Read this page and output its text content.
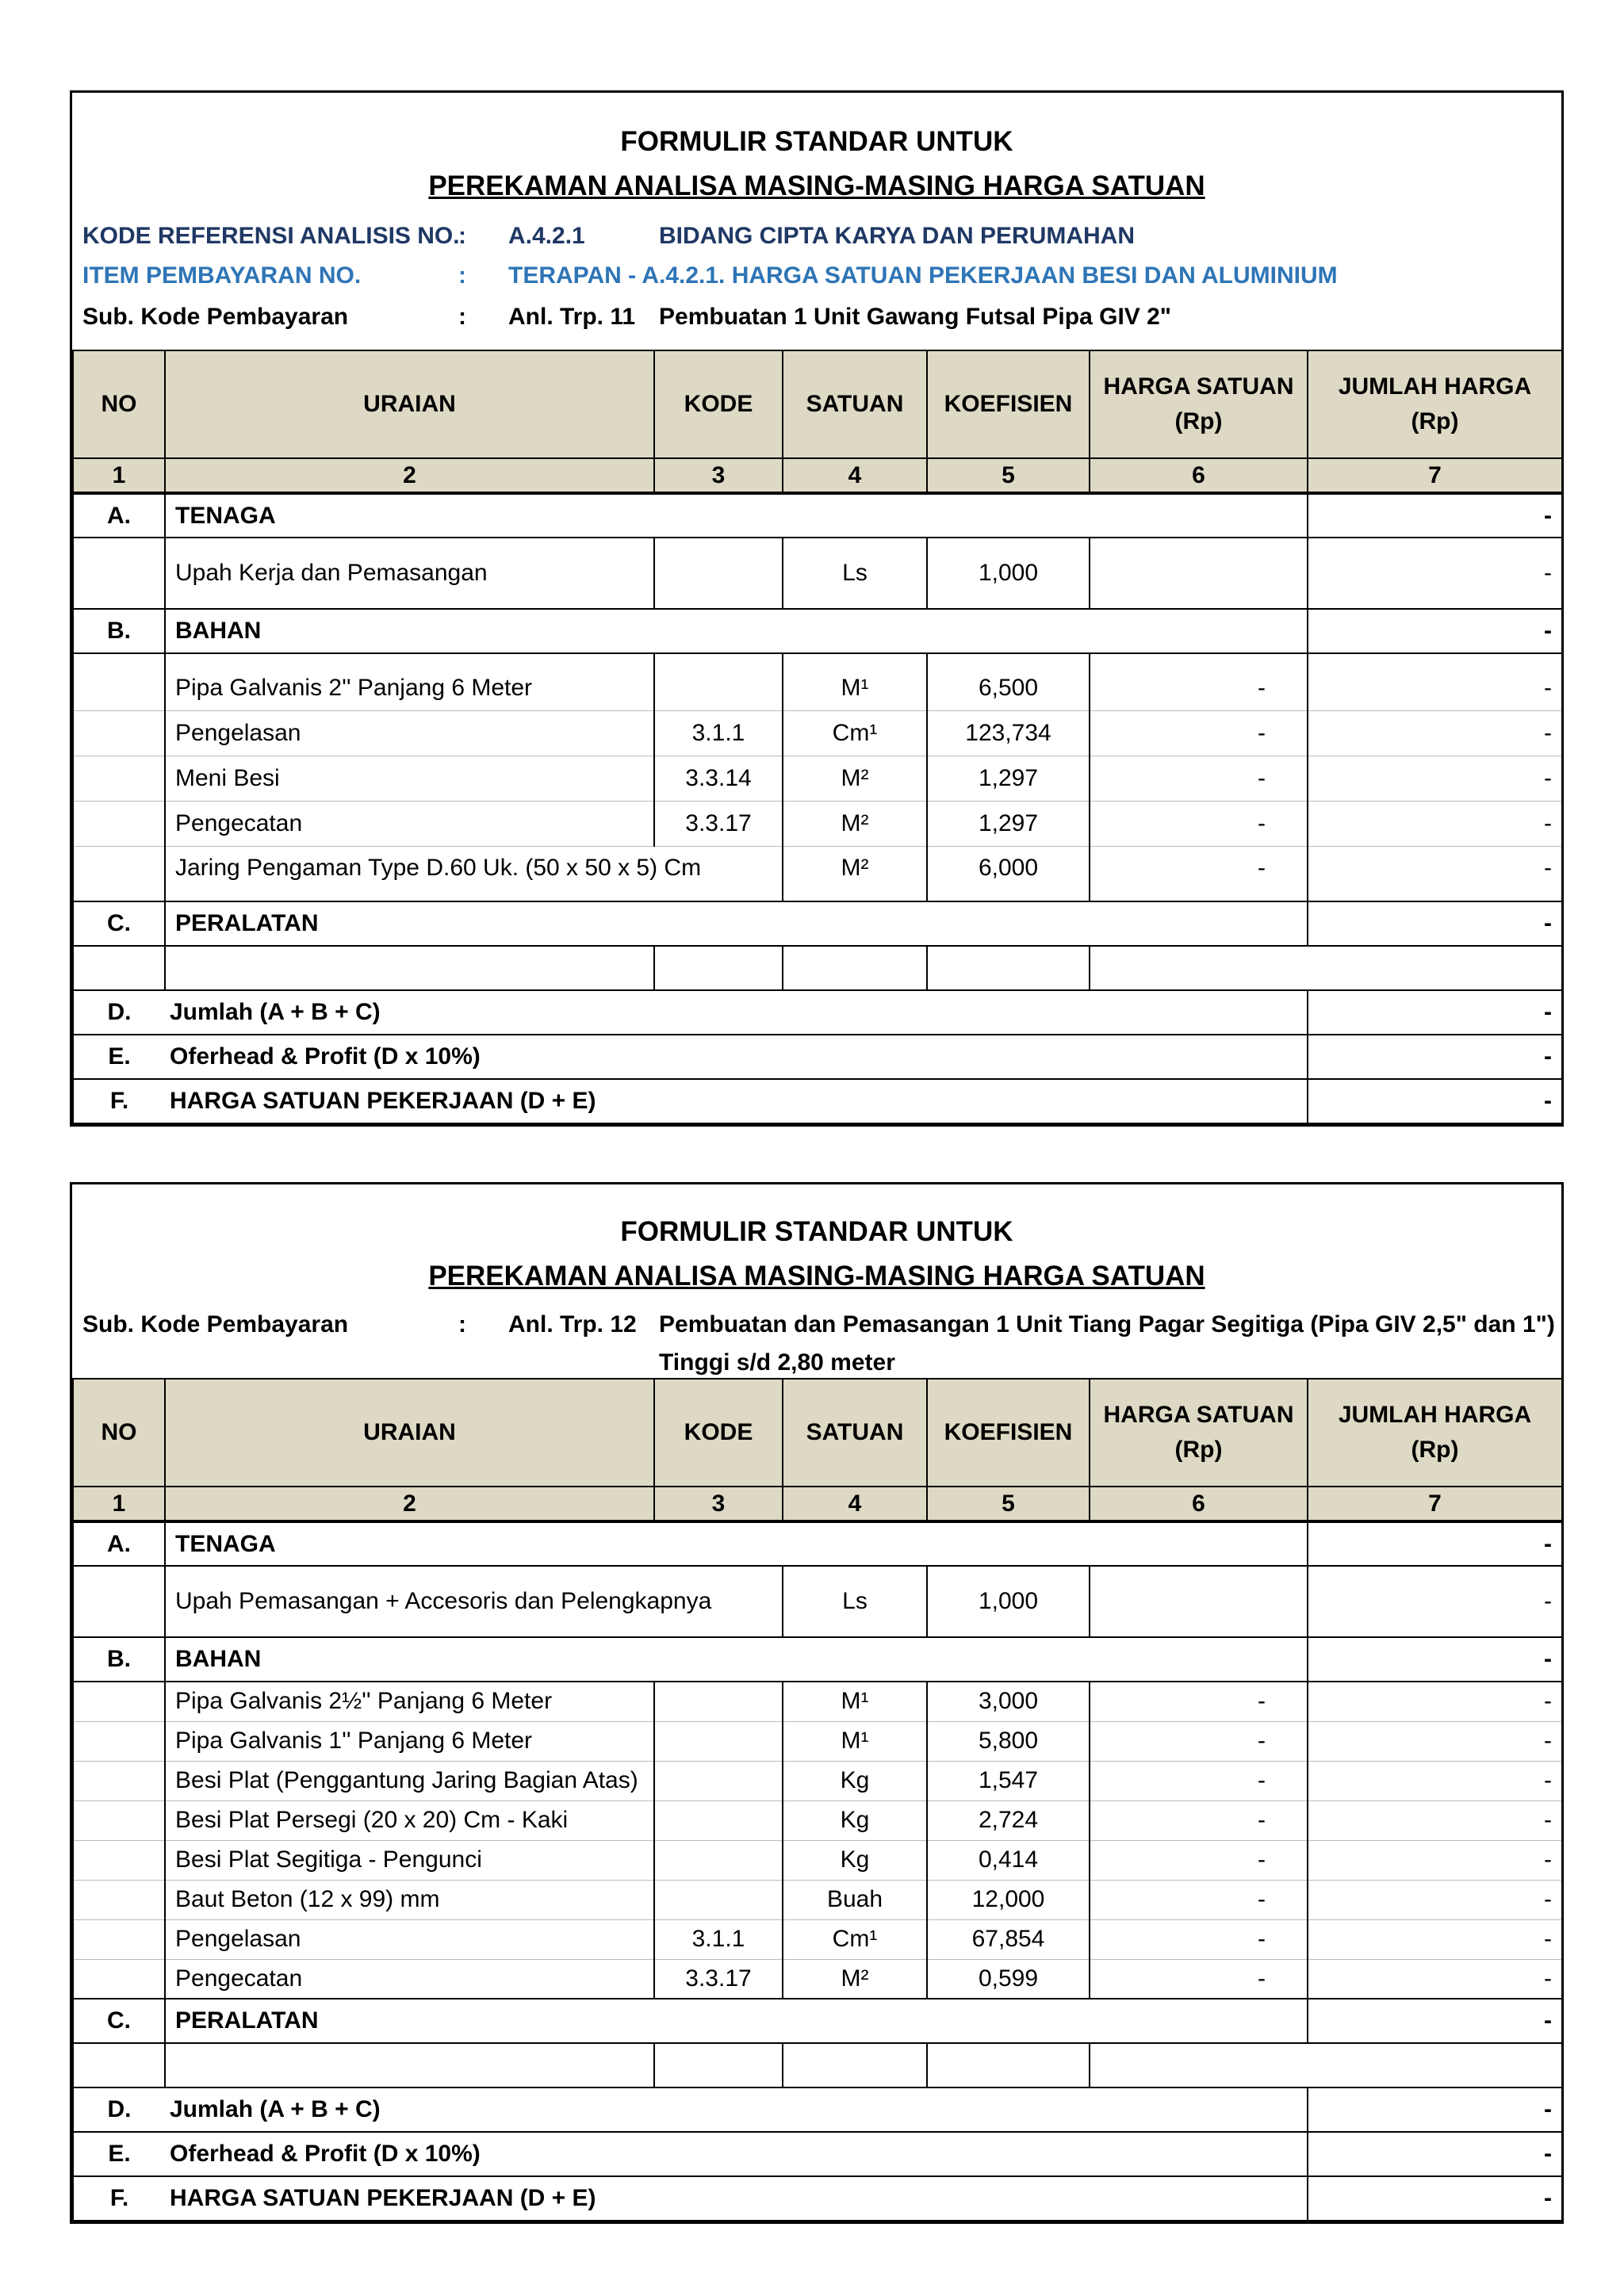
FORMULIR STANDAR UNTUK
PEREKAMAN ANALISA MASING-MASING HARGA SATUAN
KODE REFERENSI ANALISIS NO.
: A.4.2.1	BIDANG CIPTA KARYA DAN PERUMAHAN
ITEM PEMBAYARAN NO.	: TERAPAN - A.4.2.1. HARGA SATUAN PEKERJAAN BESI DAN ALUMINIUM
Sub. Kode Pembayaran	: Anl. Trp. 11 Pembuatan 1 Unit Gawang Futsal Pipa GIV 2"
NO	URAIAN	KODE	SATUAN	KOEFISIEN	HARGA SATUAN (Rp)	JUMLAH HARGA (Rp)
1	2	3	4	5	6	7
A.	TENAGA					-
	Upah Kerja dan Pemasangan		Ls	1,000		-
B.	BAHAN					-
	Pipa Galvanis 2'' Panjang 6 Meter		M¹	6,500	-	-
	Pengelasan	3.1.1	Cm¹	123,734	-	-
	Meni Besi	3.3.14	M²	1,297	-	-
	Pengecatan	3.3.17	M²	1,297	-	-
	Jaring Pengaman Type D.60 Uk. (50 x 50 x 5) Cm		M²	6,000	-	-
C.	PERALATAN					-

D.	Jumlah (A + B + C)					-
E.	Oferhead & Profit (D x 10%)					-
F.	HARGA SATUAN PEKERJAAN (D + E)					-
FORMULIR STANDAR UNTUK
PEREKAMAN ANALISA MASING-MASING HARGA SATUAN
Sub. Kode Pembayaran	: Anl. Trp. 12 Pembuatan dan Pemasangan 1 Unit Tiang Pagar Segitiga (Pipa GIV 2,5" dan 1")
Tinggi s/d 2,80 meter
NO	URAIAN	KODE	SATUAN	KOEFISIEN	HARGA SATUAN (Rp)	JUMLAH HARGA (Rp)
1	2	3	4	5	6	7
A.	TENAGA					-
	Upah Pemasangan + Accesoris dan Pelengkapnya		Ls	1,000		-
B.	BAHAN					-
	Pipa Galvanis 2½'' Panjang 6 Meter		M¹	3,000	-	-
	Pipa Galvanis 1'' Panjang 6 Meter		M¹	5,800	-	-
	Besi Plat (Penggantung Jaring Bagian Atas)		Kg	1,547	-	-
	Besi Plat Persegi (20 x 20) Cm - Kaki		Kg	2,724	-	-
	Besi Plat Segitiga - Pengunci		Kg	0,414	-	-
	Baut Beton (12 x 99) mm		Buah	12,000	-	-
	Pengelasan	3.1.1	Cm¹	67,854	-	-
	Pengecatan	3.3.17	M²	0,599	-	-
C.	PERALATAN					-

D.	Jumlah (A + B + C)					-
E.	Oferhead & Profit (D x 10%)					-
F.	HARGA SATUAN PEKERJAAN (D + E)					-
